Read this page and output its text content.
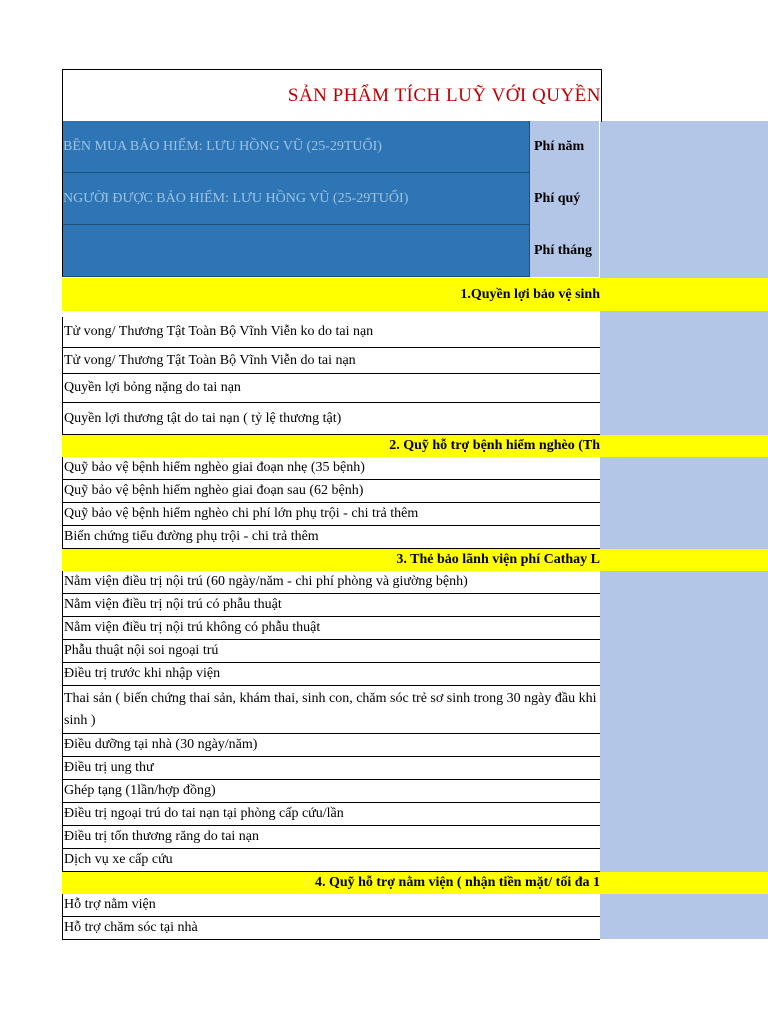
SẢN PHẨM TÍCH LUỸ VỚI QUYỀN
BÊN MUA BẢO HIỂM: LƯU HỒNG VŨ (25-29TUỔI)	Phí năm
NGƯỜI ĐƯỢC BẢO HIỂM: LƯU HỒNG VŨ (25-29TUỔI)	Phí quý
Phí tháng
1.Quyền lợi bảo vệ sinh
Tử vong/ Thương Tật Toàn Bộ Vĩnh Viễn ko do tai nạn
Tử vong/ Thương Tật Toàn Bộ Vĩnh Viễn do tai nạn
Quyền lợi bỏng nặng do tai nạn
Quyền lợi thương tật do tai nạn ( tỷ lệ thương tật)
2. Quỹ hỗ trợ bệnh hiểm nghèo (Th
Quỹ bảo vệ bệnh hiểm nghèo giai đoạn nhẹ (35 bệnh)
Quỹ bảo vệ bệnh hiểm nghèo giai đoạn sau (62 bệnh)
Quỹ bảo vệ bệnh hiểm nghèo chi phí lớn phụ trội - chi trả thêm
Biến chứng tiểu đường phụ trội - chi trả thêm
3. Thẻ bảo lãnh viện phí Cathay L
Nằm viện điều trị nội trú (60 ngày/năm - chi phí phòng và giường bệnh)
Nằm viện điều trị nội trú có phẫu thuật
Nằm viện điều trị nội trú không có phẫu thuật
Phẫu thuật nội soi ngoại trú
Điều trị trước khi nhập viện
Thai sản ( biến chứng thai sản, khám thai, sinh con, chăm sóc trẻ sơ sinh trong 30 ngày đầu khi sinh )
Điều dưỡng tại nhà (30 ngày/năm)
Điều trị ung thư
Ghép tạng (1lần/hợp đồng)
Điều trị ngoại trú do tai nạn tại phòng cấp cứu/lần
Điều trị tổn thương răng do tai nạn
Dịch vụ xe cấp cứu
4. Quỹ hỗ trợ nằm viện ( nhận tiền mặt/ tối đa 1
Hỗ trợ nằm viện
Hỗ trợ chăm sóc tại nhà
